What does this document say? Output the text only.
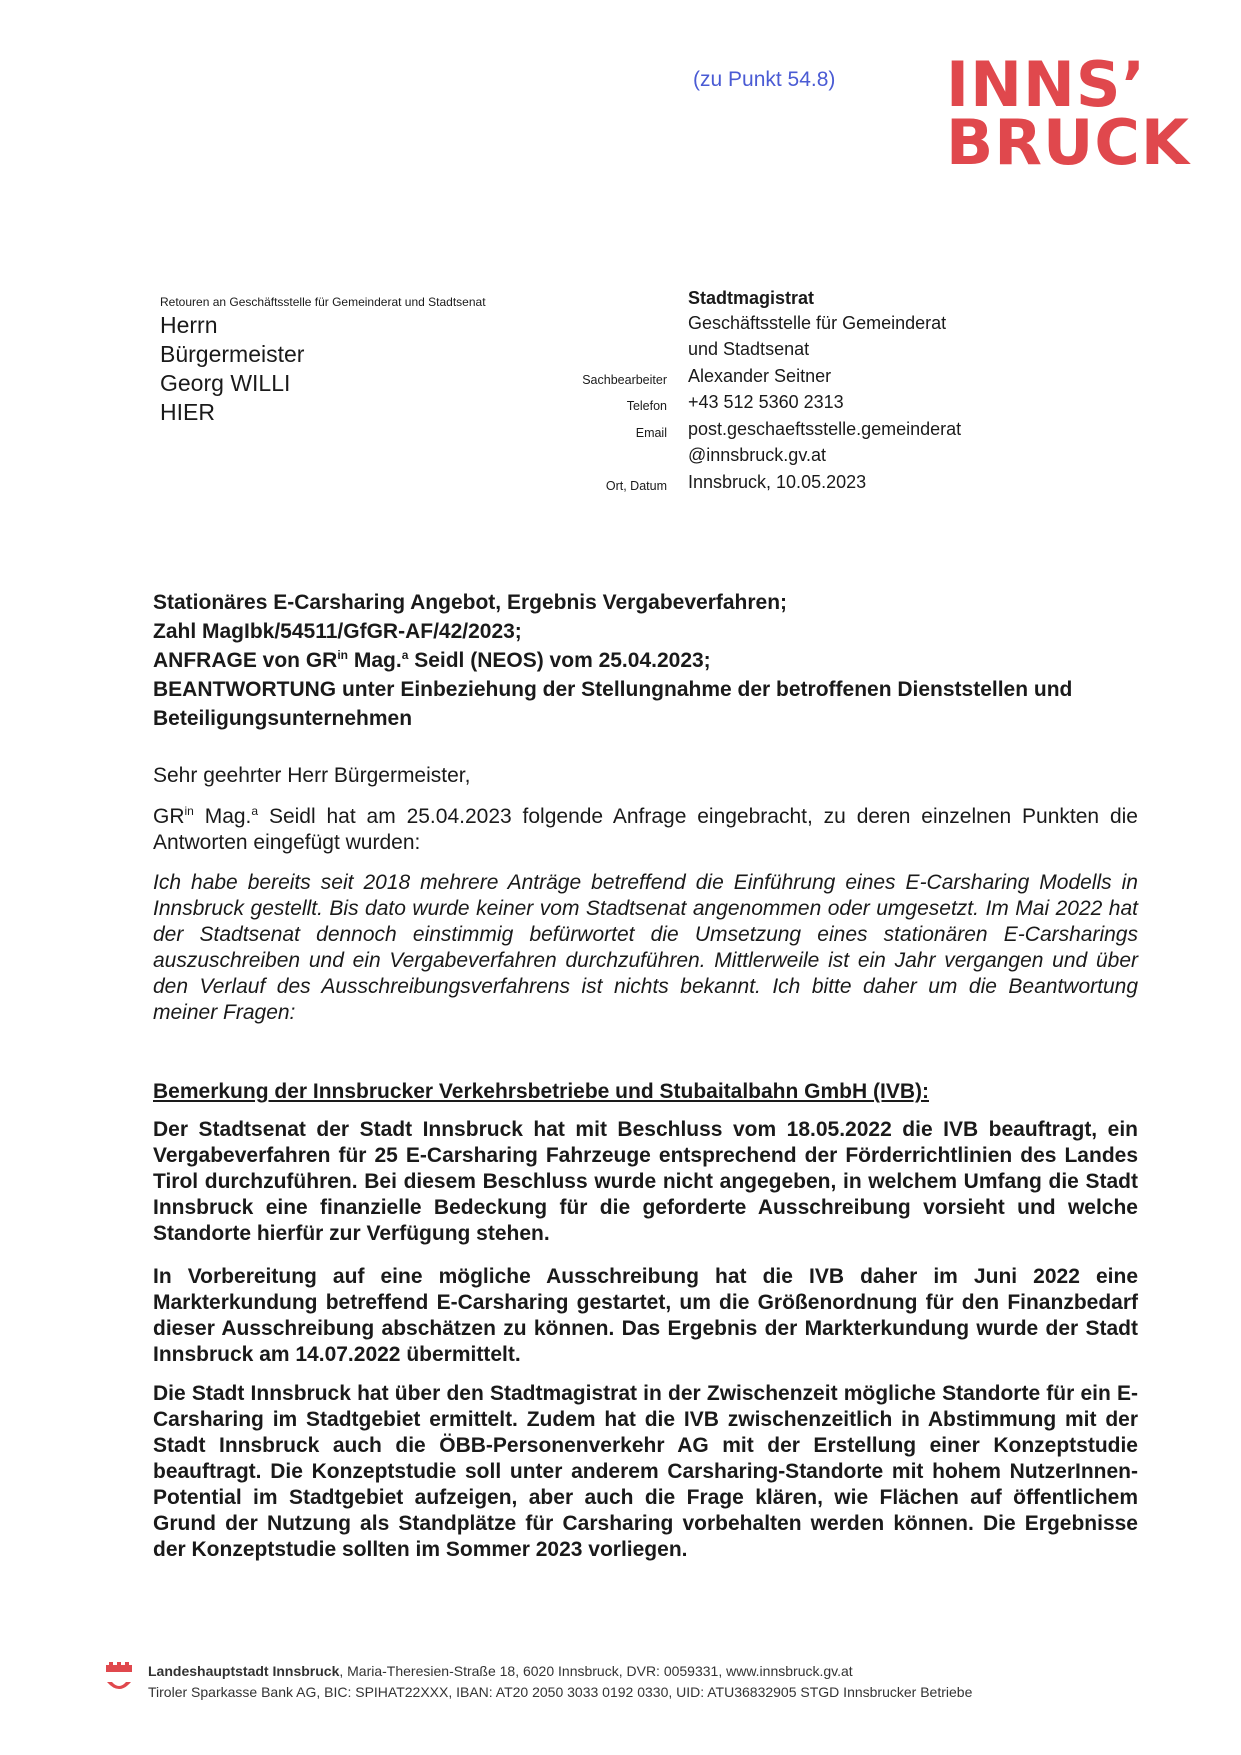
(zu Punkt 54.8) INNS’
BRUCK
Retouren an Geschäftsstelle für Gemeinderat und Stadtsenat
Herrn
Bürgermeister
Georg WILLI
HIER
Stadtmagistrat
Geschäftsstelle für Gemeinderat
und Stadtsenat
Sachbearbeiter Alexander Seitner
Telefon +43 512 5360 2313
Email post.geschaeftsstelle.gemeinderat
@innsbruck.gv.at
Ort, Datum Innsbruck, 10.05.2023
Stationäres E-Carsharing Angebot, Ergebnis Vergabeverfahren;
Zahl MagIbk/54511/GfGR-AF/42/2023;
ANFRAGE von $GR^{in}$ Mag.$^a$ Seidl (NEOS) vom 25.04.2023;
BEANTWORTUNG unter Einbeziehung der Stellungnahme der betroffenen Dienststellen und Beteiligungsunternehmen
Sehr geehrter Herr Bürgermeister,
$GR^{in}$ Mag.$^a$ Seidl hat am 25.04.2023 folgende Anfrage eingebracht, zu deren einzelnen Punkten die Antworten eingefügt wurden:
Ich habe bereits seit 2018 mehrere Anträge betreffend die Einführung eines E-Carsharing Modells in Innsbruck gestellt. Bis dato wurde keiner vom Stadtsenat angenommen oder umgesetzt. Im Mai 2022 hat der Stadtsenat dennoch einstimmig befürwortet die Umsetzung eines stationären E-Carsharings auszuschreiben und ein Vergabeverfahren durchzuführen. Mittlerweile ist ein Jahr vergangen und über den Verlauf des Ausschreibungsverfahrens ist nichts bekannt. Ich bitte daher um die Beantwortung meiner Fragen:
Bemerkung der Innsbrucker Verkehrsbetriebe und Stubaitalbahn GmbH (IVB):
Der Stadtsenat der Stadt Innsbruck hat mit Beschluss vom 18.05.2022 die IVB beauftragt, ein Vergabeverfahren für 25 E-Carsharing Fahrzeuge entsprechend der Förderrichtlinien des Landes Tirol durchzuführen. Bei diesem Beschluss wurde nicht angegeben, in welchem Umfang die Stadt Innsbruck eine finanzielle Bedeckung für die geforderte Ausschreibung vorsieht und welche Standorte hierfür zur Verfügung stehen.
In Vorbereitung auf eine mögliche Ausschreibung hat die IVB daher im Juni 2022 eine Markterkundung betreffend E-Carsharing gestartet, um die Größenordnung für den Finanzbedarf dieser Ausschreibung abschätzen zu können. Das Ergebnis der Markterkundung wurde der Stadt Innsbruck am 14.07.2022 übermittelt.
Die Stadt Innsbruck hat über den Stadtmagistrat in der Zwischenzeit mögliche Standorte für ein E-Carsharing im Stadtgebiet ermittelt. Zudem hat die IVB zwischenzeitlich in Abstimmung mit der Stadt Innsbruck auch die ÖBB-Personenverkehr AG mit der Erstellung einer Konzeptstudie beauftragt. Die Konzeptstudie soll unter anderem Carsharing-Standorte mit hohem NutzerInnen-Potential im Stadtgebiet aufzeigen, aber auch die Frage klären, wie Flächen auf öffentlichem Grund der Nutzung als Standplätze für Carsharing vorbehalten werden können. Die Ergebnisse der Konzeptstudie sollten im Sommer 2023 vorliegen.
Landeshauptstadt Innsbruck, Maria-Theresien-Straße 18, 6020 Innsbruck, DVR: 0059331, www.innsbruck.gv.at
Tiroler Sparkasse Bank AG, BIC: SPIHAT22XXX, IBAN: AT20 2050 3033 0192 0330, UID: ATU36832905 STGD Innsbrucker Betriebe
